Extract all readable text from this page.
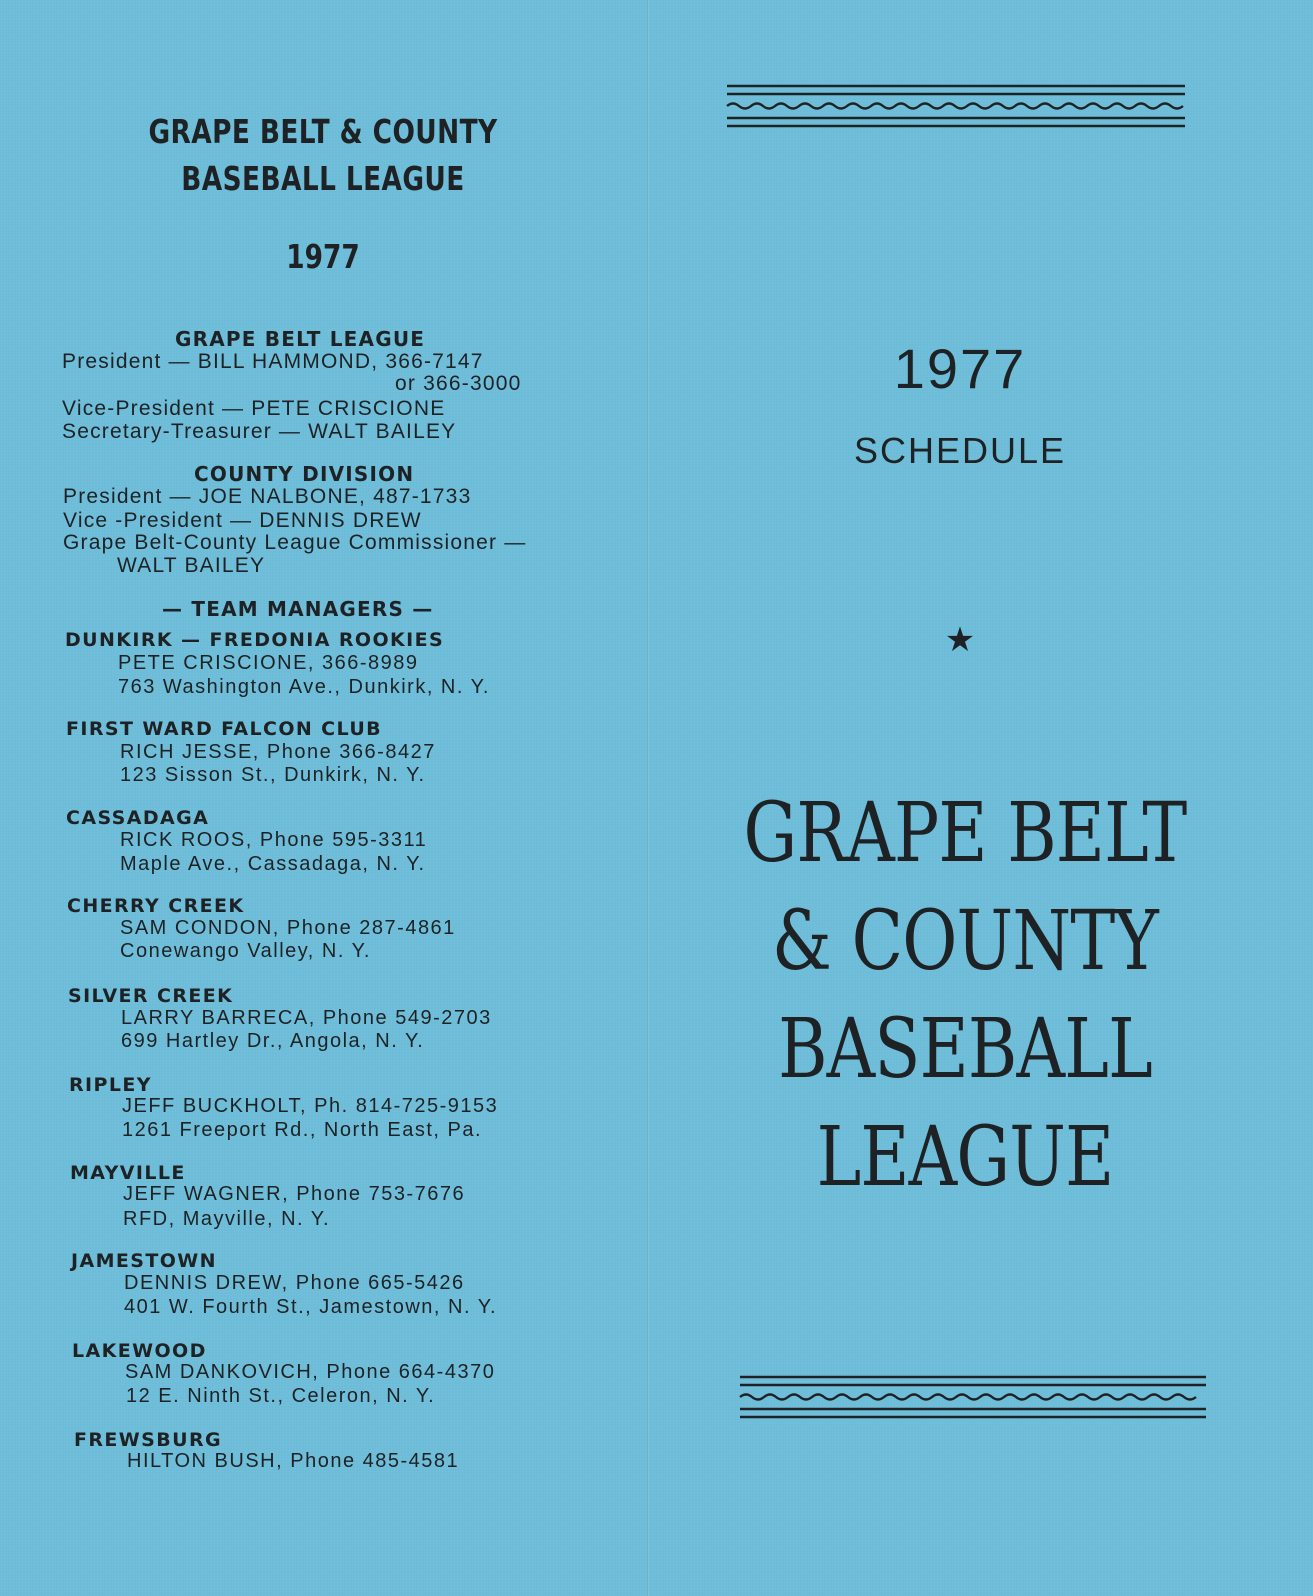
GRAPE BELT & COUNTY
BASEBALL LEAGUE
1977
GRAPE BELT LEAGUE
President — BILL HAMMOND, 366-7147
or 366-3000
Vice-President — PETE CRISCIONE
Secretary-Treasurer — WALT BAILEY
COUNTY DIVISION
President — JOE NALBONE, 487-1733
Vice -President — DENNIS DREW
Grape Belt-County League Commissioner —
WALT BAILEY
— TEAM MANAGERS —
DUNKIRK — FREDONIA ROOKIES
PETE CRISCIONE, 366-8989
763 Washington Ave., Dunkirk, N. Y.
FIRST WARD FALCON CLUB
RICH JESSE, Phone 366-8427
123 Sisson St., Dunkirk, N. Y.
CASSADAGA
RICK ROOS, Phone 595-3311
Maple Ave., Cassadaga, N. Y.
CHERRY CREEK
SAM CONDON, Phone 287-4861
Conewango Valley, N. Y.
SILVER CREEK
LARRY BARRECA, Phone 549-2703
699 Hartley Dr., Angola, N. Y.
RIPLEY
JEFF BUCKHOLT, Ph. 814-725-9153
1261 Freeport Rd., North East, Pa.
MAYVILLE
JEFF WAGNER, Phone 753-7676
RFD, Mayville, N. Y.
JAMESTOWN
DENNIS DREW, Phone 665-5426
401 W. Fourth St., Jamestown, N. Y.
LAKEWOOD
SAM DANKOVICH, Phone 664-4370
12 E. Ninth St., Celeron, N. Y.
FREWSBURG
HILTON BUSH, Phone 485-4581
1977
SCHEDULE
★
GRAPE BELT
& COUNTY
BASEBALL
LEAGUE
